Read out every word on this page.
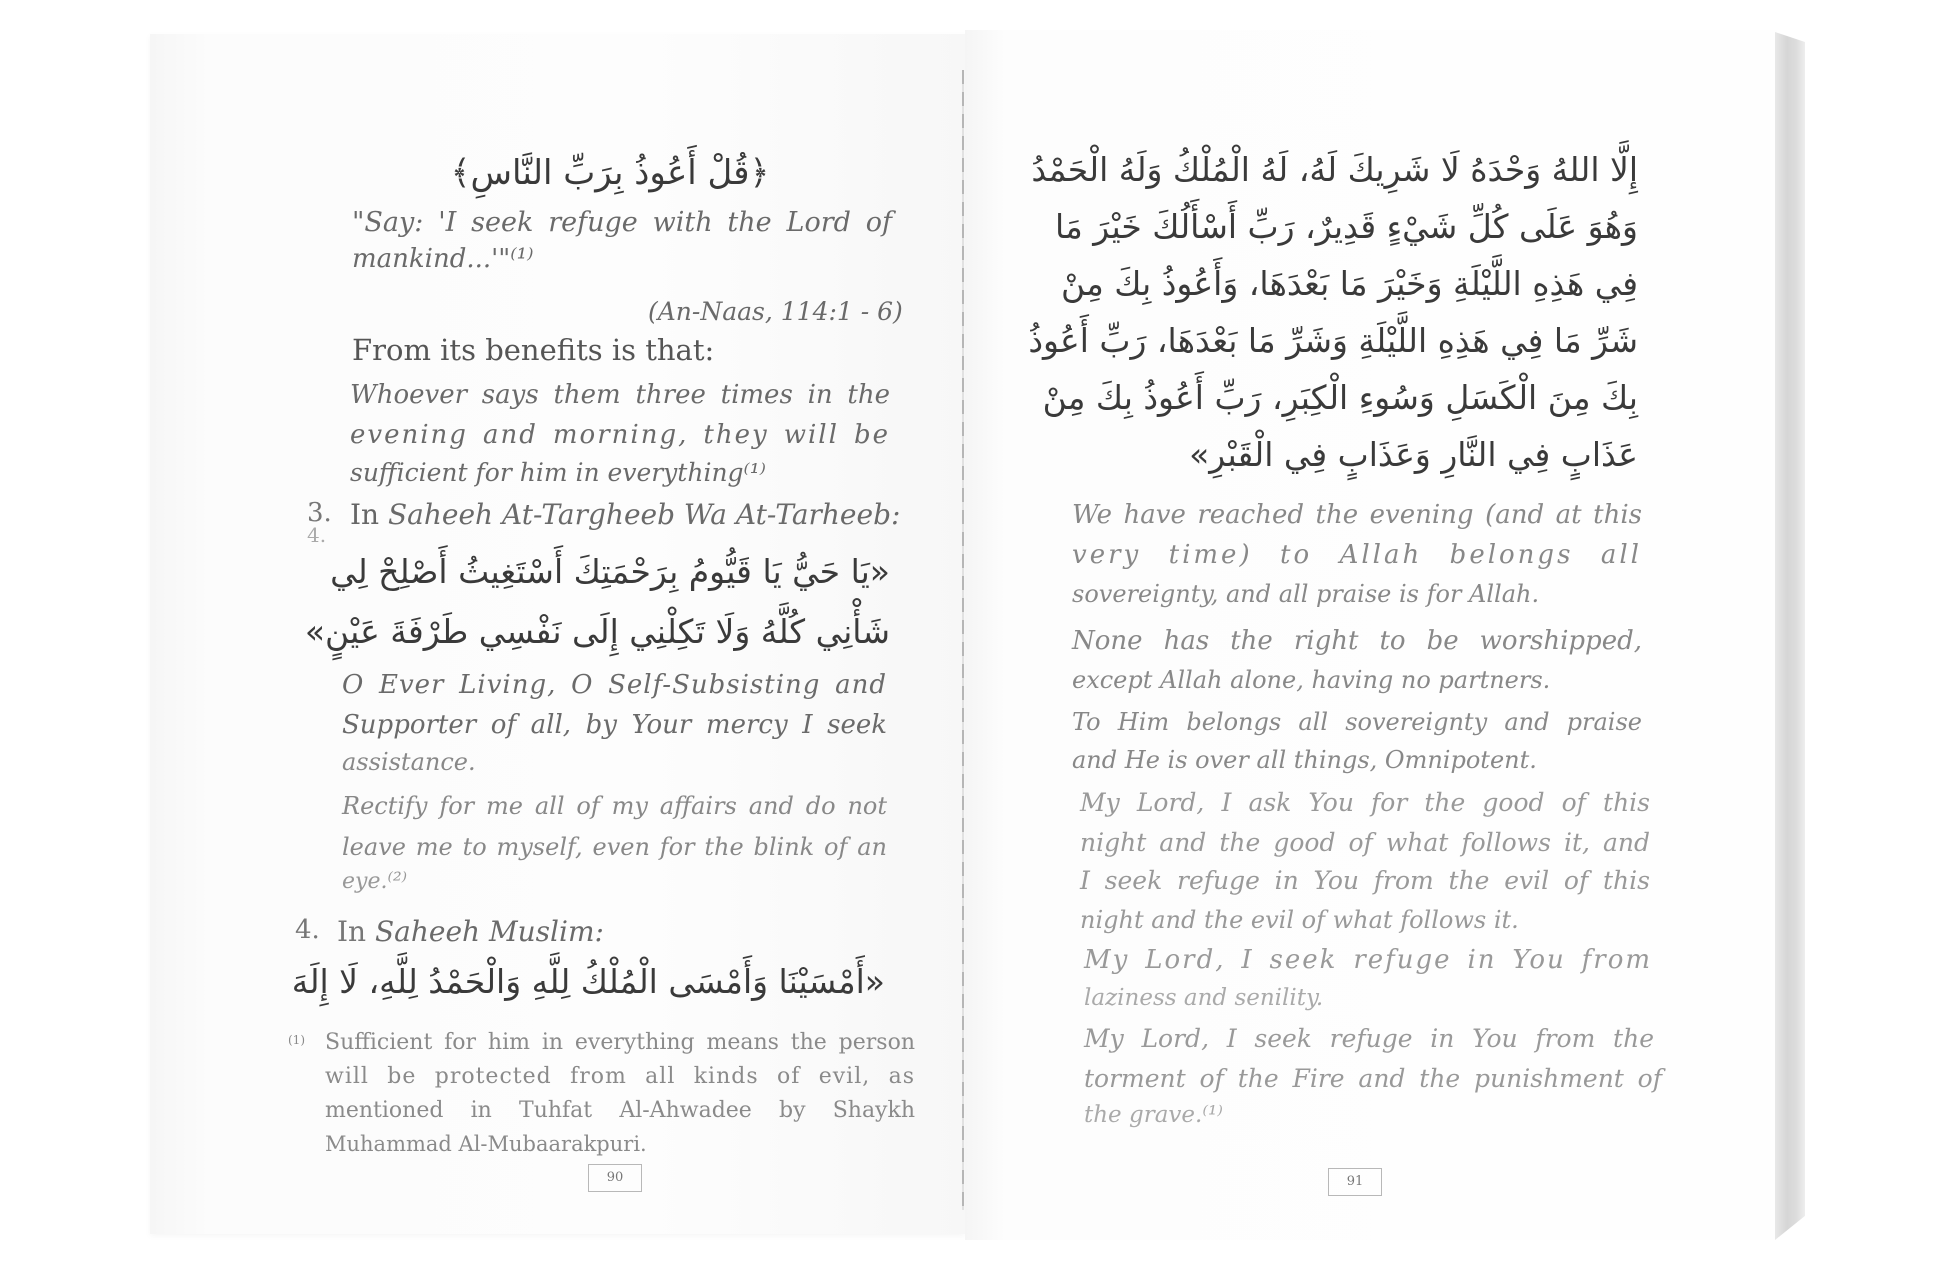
﴿قُلْ أَعُوذُ بِرَبِّ النَّاسِ﴾
"Say: 'I seek refuge with the Lord of
mankind...'"⁽¹⁾
(An-Naas, 114:1 - 6)
From its benefits is that:
Whoever says them three times in the
evening and morning, they will be
sufficient for him in everything⁽¹⁾
3.
4.
In Saheeh At-Targheeb Wa At-Tarheeb:
«يَا حَيُّ يَا قَيُّومُ بِرَحْمَتِكَ أَسْتَغِيثُ أَصْلِحْ لِي
شَأْنِي كُلَّهُ وَلَا تَكِلْنِي إِلَى نَفْسِي طَرْفَةَ عَيْنٍ»
O Ever Living, O Self-Subsisting and
Supporter of all, by Your mercy I seek
assistance.
Rectify for me all of my affairs and do not
leave me to myself, even for the blink of an
eye.⁽²⁾
4. In Saheeh Muslim:
«أَمْسَيْنَا وَأَمْسَى الْمُلْكُ لِلَّهِ وَالْحَمْدُ لِلَّهِ، لَا إِلَهَ
(1) Sufficient for him in everything means the person
will be protected from all kinds of evil, as
mentioned in Tuhfat Al-Ahwadee by Shaykh
Muhammad Al-Mubaarakpuri.
90
إِلَّا اللهُ وَحْدَهُ لَا شَرِيكَ لَهُ، لَهُ الْمُلْكُ وَلَهُ الْحَمْدُ
وَهُوَ عَلَى كُلِّ شَيْءٍ قَدِيرٌ، رَبِّ أَسْأَلُكَ خَيْرَ مَا
فِي هَذِهِ اللَّيْلَةِ وَخَيْرَ مَا بَعْدَهَا، وَأَعُوذُ بِكَ مِنْ
شَرِّ مَا فِي هَذِهِ اللَّيْلَةِ وَشَرِّ مَا بَعْدَهَا، رَبِّ أَعُوذُ
بِكَ مِنَ الْكَسَلِ وَسُوءِ الْكِبَرِ، رَبِّ أَعُوذُ بِكَ مِنْ
عَذَابٍ فِي النَّارِ وَعَذَابٍ فِي الْقَبْرِ»
We have reached the evening (and at this
very time) to Allah belongs all
sovereignty, and all praise is for Allah.
None has the right to be worshipped,
except Allah alone, having no partners.
To Him belongs all sovereignty and praise
and He is over all things, Omnipotent.
My Lord, I ask You for the good of this
night and the good of what follows it, and
I seek refuge in You from the evil of this
night and the evil of what follows it.
My Lord, I seek refuge in You from
laziness and senility.
My Lord, I seek refuge in You from the
torment of the Fire and the punishment of
the grave.⁽¹⁾
91
